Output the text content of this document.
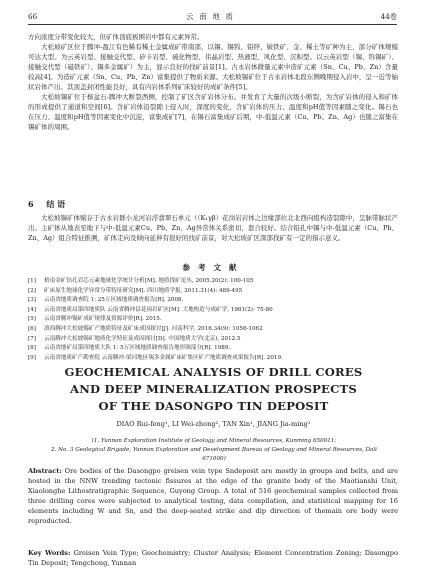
66	云南地质	44卷

方向浓度分带变化较大，但矿体顶底板围岩中都有元素异常。

大松坡矿区位于腾冲-盈江有色稀有稀土金属成矿带南部，以锡、锡钨、铅锌、铍铁矿、金、稀土等矿种为主，部分矿体规模可达大型。为云英岩型、接触交代型、矽卡岩型、硫化物型、伟晶岩型、热液型、风化型、沉积型。以云英岩型（锡、钨锡矿）、接触交代型（磁铁矿）、锡多金属矿）为主，显示良好的找矿前景[1]。古永岩体微量元素中造矿元素（Sn、Cu、Pb、Zn）含量较高[4]。为造矿元素（Sn、Cu、Pb、Zn）富集提供了物质来源。大松坡锡矿位于古永岩体北段东侧晚期侵入岩中，呈一近等轴状岩体产出。其顶盖封闭性能良好，具有内岩体系列矿床较好的成矿条件[5]。

大松坡锡矿位于槟盆石-腾冲大断裂西侧，控制了矿区含矿岩体分布。并发育了大量的次级小断裂，为含矿岩体的侵入和矿体的形成提供了通道和空间[6]。含矿岩体沿裂隙上侵入时，深度的变化，含矿岩体的压力、温度和pH值等因素随之变化。锡石也在压力、温度和pH值等因素变化中沉淀，富集成矿[7]，在锡石富集成矿后期，中-低温元素（Cu、Pb、Zn、Ag）也随之富集在锡矿体的周围。

6 结 语

大松坡锡矿体赋存于古永岩群小龙河岩浮翡翠石单元（（K₁γβ）花岗岩岩体之边缘部位北北西向组构造裂隙中，呈脉带脉状产出。主矿体从地表至地下与中-低温元素Cu、Pb、Zn、Ag异常体关系密切，套合较好。结合铅孔中锡与中-低温元素（Cu、Pb、Zn、Ag）组合特征推测，矿体走向及倾向延伸有很好的找矿前景，对大松坡矿区深部找矿有一定的指示意义。

参考文献
[1] 梧南金矿钻孔岩芯元素地球化学统计分析[M]. 地质找矿论丛, 2005.20(2): 100-105
[2] 矿床原生地球化学异常分带特征研究[M]. 四川地质学报, 2011.31(4): 489-495
[3] 云南省地质调查院 1: 25万区域地质调查报告[R]. 2008.
[4] 云南省地质局第四地质队 云南省腾冲县花岗岩矿区[M]. 大地构造与成矿学, 1981(2): 75-80
[5] 云南省腾冲锡矿成矿规律及资源评价[R]. 2015.
[6] 滇西腾冲大松坡锡矿产地质特征及矿床成因探讨[J]. 河南科学, 2016.34(9): 1056-1062
[7] 云南腾冲大松坡锡矿地质化学特征及成因探讨[D]. 中国地质大学(北京), 2012.5
[8] 云南省地矿局第四地质大队 1: 5万区域地质调查报告地形图部分[R]. 1989.
[9] 云南省地质矿产勘查院 云南腾冲-梁河地区锡多金属矿床矿集区矿产地质调查成果报告[R]. 2019.
GEOCHEMICAL ANALYSIS OF DRILL CORES
AND DEEP MINERALIZATION PROSPECTS
OF THE DASONGPO TIN DEPOSIT
DIAO Rui-feng¹, LI Wei-zhong², TAN Xin¹, JIANG Jia-ming¹
(1. Yunnan Exploration Institute of Geology and Mineral Resources, Kunming 650011;
2. No. 3 Geological Brigade, Yunnan Exploration and Development Bureau of Geology and Mineral Resources, Dali 671000)
Abstract: Ore bodies of the Dasongpo greisen vein type Sndeposit are mostly in groups and belts, and are hosted in the NNW trending tectonic fissures at the edge of the granite body of the Maotianshi Unit, Xiaolonghe Lithostratigraphic Sequence, Guyong Group. A total of 516 geochemical samples collected from three drilling cores were subjected to analytical testing, data compilation, and statistical mapping for 16 elements including W and Sn, and the deep-seated strike and dip direction of themain ore body were reproducted.
Key Words: Greisen Vein Type; Geochemistry; Cluster Analysis; Element Concentration Zoning; Dasongpo Tin Deposit; Tengchong, Yunnan
